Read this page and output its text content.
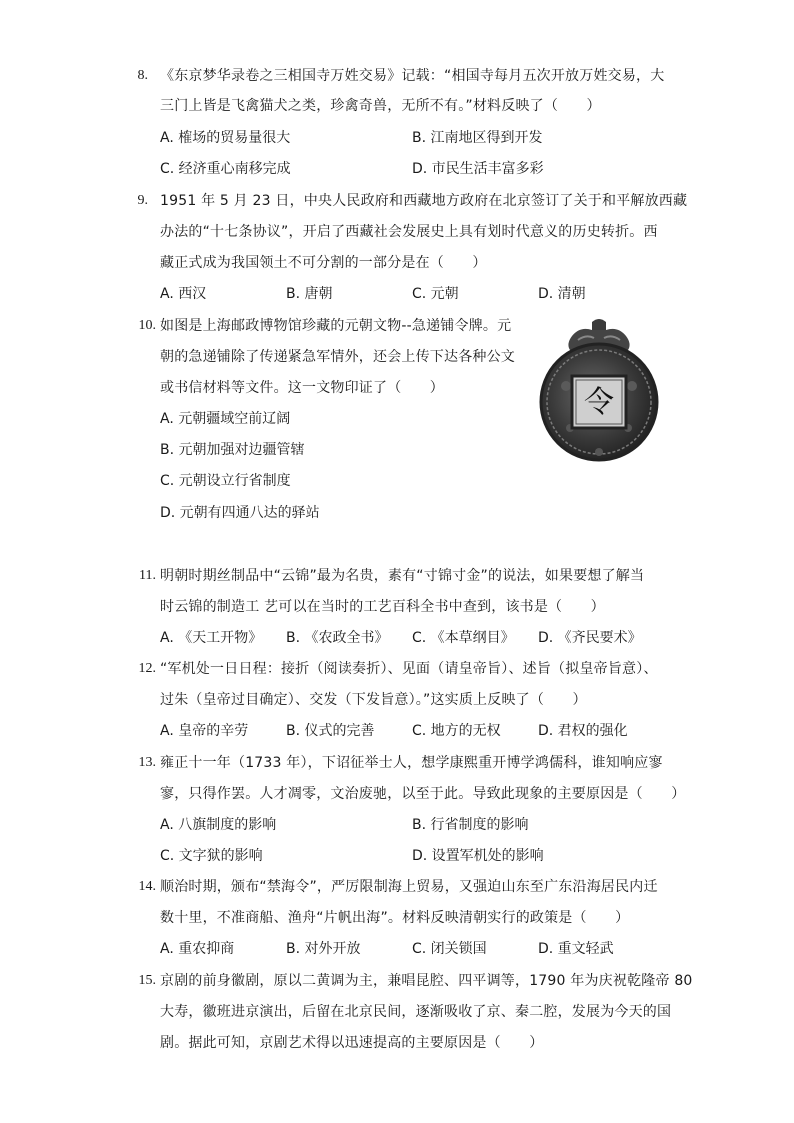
8. 《东京梦华录卷之三相国寺万姓交易》记载：“相国寺每月五次开放万姓交易，大
三门上皆是飞禽猫犬之类，珍禽奇兽，无所不有。”材料反映了（　　）
A. 榷场的贸易量很大	B. 江南地区得到开发
C. 经济重心南移完成	D. 市民生活丰富多彩
9. 1951 年 5 月 23 日，中央人民政府和西藏地方政府在北京签订了关于和平解放西藏
办法的“十七条协议”，开启了西藏社会发展史上具有划时代意义的历史转折。西
藏正式成为我国领土不可分割的一部分是在（　　）
A. 西汉	B. 唐朝	C. 元朝	D. 清朝
10. 如图是上海邮政博物馆珍藏的元朝文物--急递铺令牌。元
朝的急递铺除了传递紧急军情外，还会上传下达各种公文
或书信材料等文件。这一文物印证了（　　）
A. 元朝疆域空前辽阔
B. 元朝加强对边疆管辖
C. 元朝设立行省制度
D. 元朝有四通八达的驿站
令
11. 明朝时期丝制品中“云锦”最为名贵，素有“寸锦寸金”的说法，如果要想了解当
时云锦的制造工 艺可以在当时的工艺百科全书中查到，该书是（　　）
A. 《天工开物》 B. 《农政全书》 C. 《本草纲目》 D. 《齐民要术》
12. “军机处一日日程：接折（阅读奏折）、见面（请皇帝旨）、述旨（拟皇帝旨意）、
过朱（皇帝过目确定）、交发（下发旨意）。”这实质上反映了（　　）
A. 皇帝的辛劳	B. 仪式的完善	C. 地方的无权	D. 君权的强化
13. 雍正十一年（1733 年），下诏征举士人，想学康熙重开博学鸿儒科，谁知响应寥
寥，只得作罢。人才凋零，文治废驰，以至于此。导致此现象的主要原因是（　　）
A. 八旗制度的影响	B. 行省制度的影响
C. 文字狱的影响	D. 设置军机处的影响
14. 顺治时期，颁布“禁海令”，严厉限制海上贸易，又强迫山东至广东沿海居民内迁
数十里，不准商船、渔舟“片帆出海”。材料反映清朝实行的政策是（　　）
A. 重农抑商	B. 对外开放	C. 闭关锁国	D. 重文轻武
15. 京剧的前身徽剧，原以二黄调为主，兼唱昆腔、四平调等，1790 年为庆祝乾隆帝 80
大寿，徽班进京演出，后留在北京民间，逐渐吸收了京、秦二腔，发展为今天的国
剧。据此可知，京剧艺术得以迅速提高的主要原因是（　　）
